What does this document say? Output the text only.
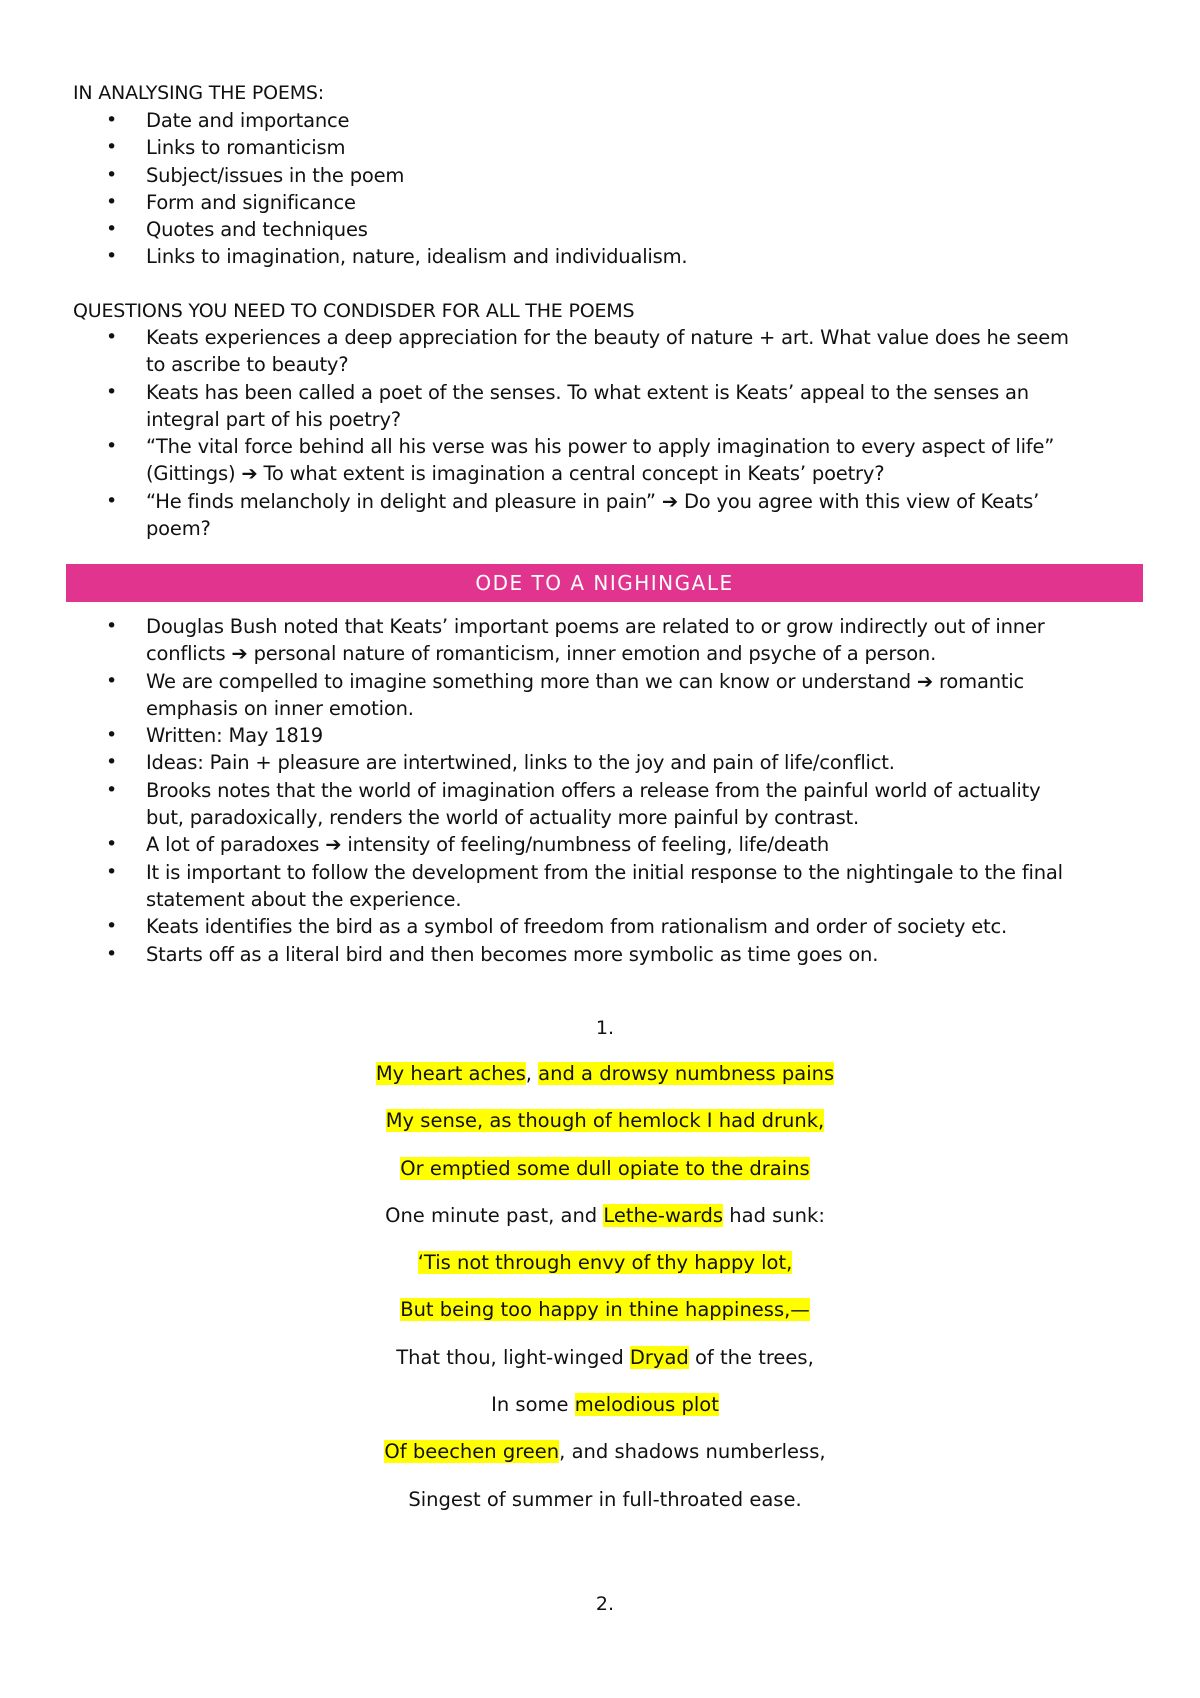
IN ANALYSING THE POEMS:

• Date and importance
• Links to romanticism
• Subject/issues in the poem
• Form and significance
• Quotes and techniques
• Links to imagination, nature, idealism and individualism.

QUESTIONS YOU NEED TO CONDISDER FOR ALL THE POEMS

• Keats experiences a deep appreciation for the beauty of nature + art. What value does he seem
to ascribe to beauty?
• Keats has been called a poet of the senses. To what extent is Keats’ appeal to the senses an
integral part of his poetry?
• “The vital force behind all his verse was his power to apply imagination to every aspect of life”
(Gittings) ➔ To what extent is imagination a central concept in Keats’ poetry?
• “He finds melancholy in delight and pleasure in pain” ➔ Do you agree with this view of Keats’
poem?
ODE TO A NIGHINGALE
• Douglas Bush noted that Keats’ important poems are related to or grow indirectly out of inner
conflicts ➔ personal nature of romanticism, inner emotion and psyche of a person.
• We are compelled to imagine something more than we can know or understand ➔ romantic
emphasis on inner emotion.
• Written: May 1819
• Ideas: Pain + pleasure are intertwined, links to the joy and pain of life/conflict.
• Brooks notes that the world of imagination offers a release from the painful world of actuality
but, paradoxically, renders the world of actuality more painful by contrast.
• A lot of paradoxes ➔ intensity of feeling/numbness of feeling, life/death
• It is important to follow the development from the initial response to the nightingale to the final
statement about the experience.
• Keats identifies the bird as a symbol of freedom from rationalism and order of society etc.
• Starts off as a literal bird and then becomes more symbolic as time goes on.
1.
My heart aches, and a drowsy numbness pains
My sense, as though of hemlock I had drunk,
Or emptied some dull opiate to the drains
One minute past, and Lethe-wards had sunk:
‘Tis not through envy of thy happy lot,
But being too happy in thine happiness,—
That thou, light-winged Dryad of the trees,
In some melodious plot
Of beechen green, and shadows numberless,
Singest of summer in full-throated ease.
2.
